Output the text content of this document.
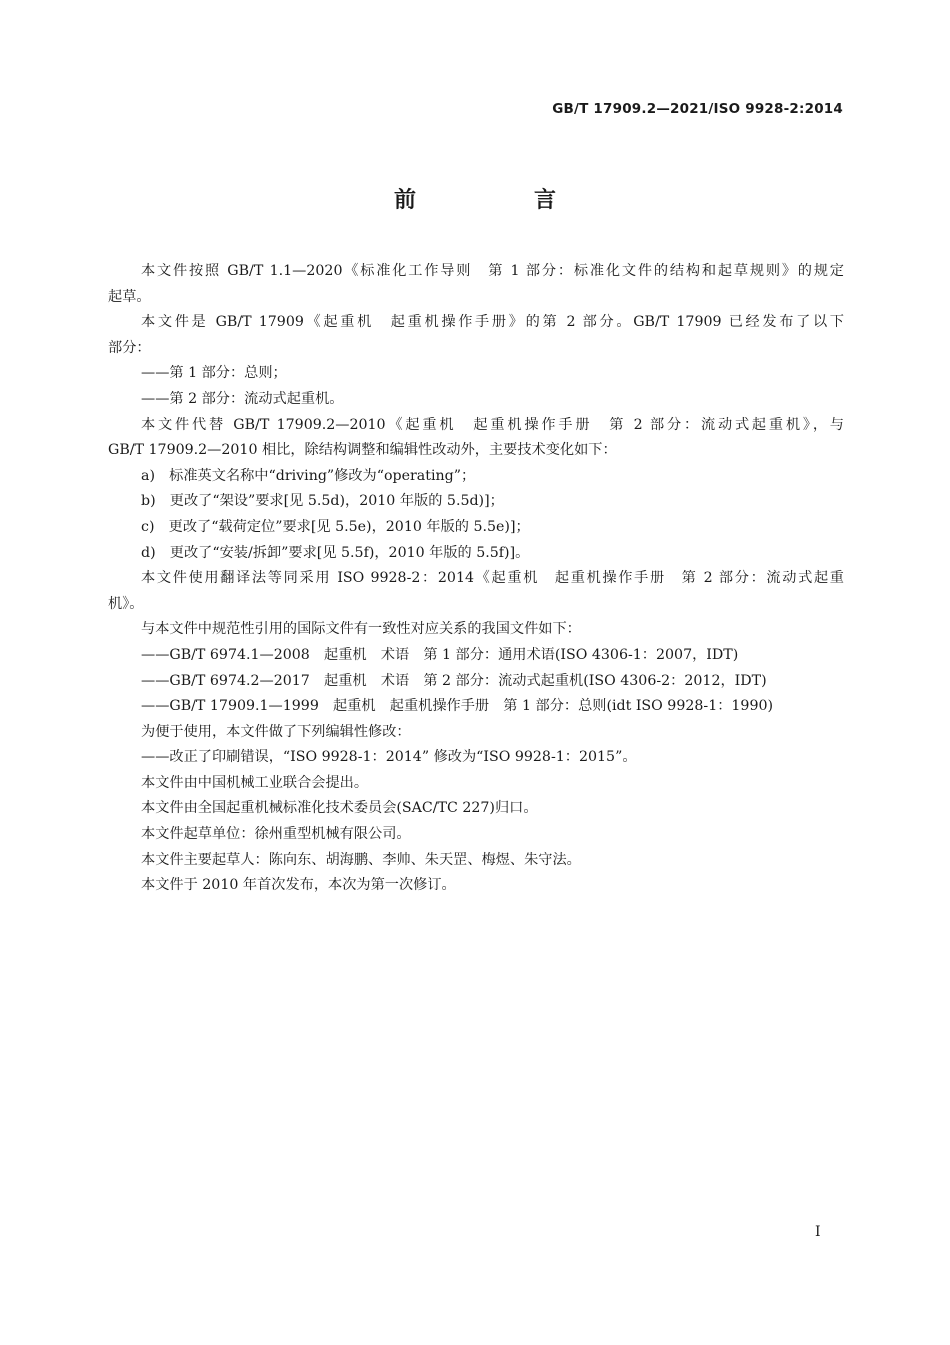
GB/T 17909.2—2021/ISO 9928-2:2014
前　言
本文件按照 GB/T 1.1—2020《标准化工作导则　第 1 部分：标准化文件的结构和起草规则》的规定
起草。
本文件是 GB/T 17909《起重机　起重机操作手册》的第 2 部分。GB/T 17909 已经发布了以下
部分：
——第 1 部分：总则；
——第 2 部分：流动式起重机。
本文件代替 GB/T 17909.2—2010《起重机　起重机操作手册　第 2 部分：流动式起重机》，与
GB/T 17909.2—2010 相比，除结构调整和编辑性改动外，主要技术变化如下：
a)　标准英文名称中“driving”修改为“operating”；
b)　更改了“架设”要求[见 5.5d)，2010 年版的 5.5d)]；
c)　更改了“载荷定位”要求[见 5.5e)，2010 年版的 5.5e)]；
d)　更改了“安装/拆卸”要求[见 5.5f)，2010 年版的 5.5f)]。
本文件使用翻译法等同采用 ISO 9928-2：2014《起重机　起重机操作手册　第 2 部分：流动式起重
机》。
与本文件中规范性引用的国际文件有一致性对应关系的我国文件如下：
——GB/T 6974.1—2008　起重机　术语　第 1 部分：通用术语(ISO 4306-1：2007，IDT)
——GB/T 6974.2—2017　起重机　术语　第 2 部分：流动式起重机(ISO 4306-2：2012，IDT)
——GB/T 17909.1—1999　起重机　起重机操作手册　第 1 部分：总则(idt ISO 9928-1：1990)
为便于使用，本文件做了下列编辑性修改：
——改正了印刷错误，“ISO 9928-1：2014” 修改为“ISO 9928-1：2015”。
本文件由中国机械工业联合会提出。
本文件由全国起重机械标准化技术委员会(SAC/TC 227)归口。
本文件起草单位：徐州重型机械有限公司。
本文件主要起草人：陈向东、胡海鹏、李帅、朱天罡、梅煜、朱守法。
本文件于 2010 年首次发布，本次为第一次修订。
I
